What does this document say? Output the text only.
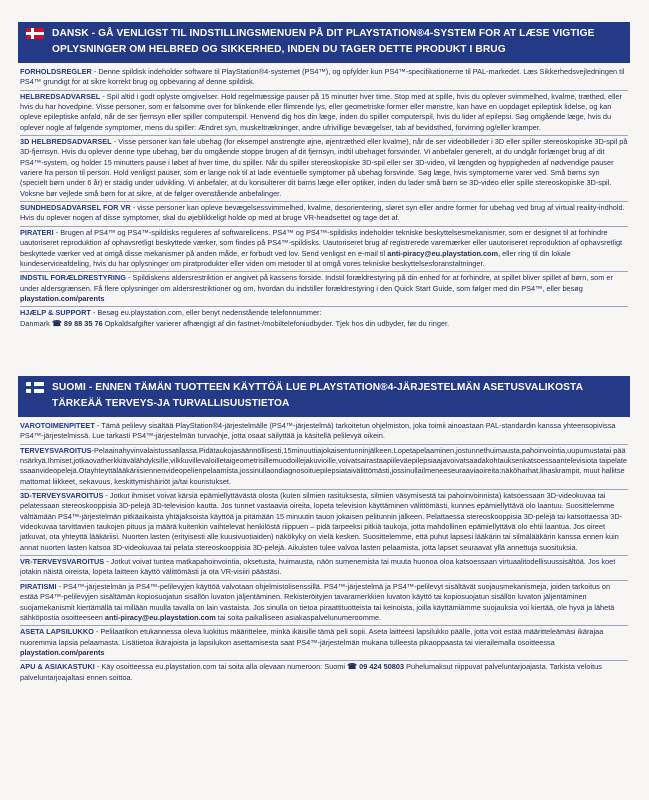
DANSK - GÅ VENLIGST TIL INDSTILLINGSMENUEN PÅ DIT PLAYSTATION®4-SYSTEM FOR AT LÆSE VIGTIGE OPLYSNINGER OM HELBRED OG SIKKERHED, INDEN DU TAGER DETTE PRODUKT I BRUG
FORHOLDSREGLER - Denne spildisk indeholder software til PlayStation®4-systemet (PS4™), og opfylder kun PS4™-specifikationerne til PAL-markedet. Læs Sikkerhedsvejledningen til PS4™ grundigt for at sikre korrekt brug og opbevaring af denne spildisk.
HELBREDSADVARSEL - Spil altid i godt oplyste omgivelser. Hold regelmæssige pauser på 15 minutter hver time. Stop med at spille, hvis du oplever svimmelhed, kvalme, træthed, eller hvis du har hovedpine. Visse personer, som er følsomme over for blinkende eller flimrende lys, eller geometriske former eller mønstre, kan have en uopdaget epileptisk lidelse, og kan opleve epileptiske anfald, når de ser fjernsyn eller spiller computerspil. Henvend dig hos din læge, inden du spiller computerspil, hvis du lider af epilepsi. Søg omgående læge, hvis du oplever nogle af følgende symptomer, mens du spiller: Ændret syn, muskeltrækninger, andre ufrivillige bevægelser, tab af bevidsthed, forvirring og/eller kramper.
3D HELBREDSADVARSEL - Visse personer kan føle ubehag (for eksempel anstrengte øjne, øjentræthed eller kvalme), når de ser videobilleder i 3D eller spiller stereoskopiske 3D-spil på 3D-fjernsyn. Hvis du oplever denne type ubehag, bør du omgående stoppe brugen af dit fjernsyn, indtil ubehaget forsvinder. Vi anbefaler generelt, at du undgår forlænget brug af dit PS4™-system, og holder 15 minutters pause i løbet af hver time, du spiller. Når du spiller stereoskopiske 3D-spil eller ser 3D-video, vil længden og hyppigheden af nødvendige pauser variere fra person til person. Hold venligst pauser, som er lange nok til at lade eventuelle symptomer på ubehag forsvinde. Søg læge, hvis symptomerne varer ved. Små børns syn (specielt børn under 6 år) er stadig under udvikling. Vi anbefaler, at du konsulterer dit barns læge eller optiker, inden du lader små børn se 3D-video eller spille stereoskopiske 3D-spil. Voksne bør vejlede små børn for at sikre, at de følger ovenstående anbefalinger.
SUNDHEDSADVARSEL FOR VR - visse personer kan opleve bevægelsessvimmelhed, kvalme, desorientering, sløret syn eller andre former for ubehag ved brug af virtual reality-indhold. Hvis du oplever nogen af disse symptomer, skal du øjeblikkeligt holde op med at bruge VR-headsettet og tage det af.
PIRATERI - Brugen af PS4™ og PS4™-spildisks reguleres af softwarelicens. PS4™ og PS4™-spildisks indeholder tekniske beskyttelsesmekanismer, som er designet til at forhindre uautoriseret reproduktion af ophavsretligt beskyttede værker, som findes på PS4™-spildisks. Uautoriseret brug af registrerede varemærker eller uautoriseret reproduktion af ophavsretligt beskyttede værker ved at omgå disse mekanismer på anden måde, er forbudt ved lov. Send venligst en e-mail til anti-piracy@eu.playstation.com, eller ring til din lokale kundeserviceafdeling, hvis du har oplysninger om piratprodukter eller viden om metoder til at omgå vores tekniske beskyttelsesforanstaltninger.
INDSTIL FORÆLDRESTYRING - Spildiskens aldersrestriktion er angivet på kassens forside. Indstil forældrestyring på din enhed for at forhindre, at spillet bliver spillet af børn, som er under aldersgrænsen. Få flere oplysninger om aldersrestriktioner og om, hvordan du indstiller forældrestyring i den Quick Start Guide, som følger med din PS4™, eller besøg playstation.com/parents
HJÆLP & SUPPORT - Besøg eu.playstation.com, eller benyt nedenstående telefonnummer:
Danmark ☎ 89 88 35 76 Opkaldsafgifter varierer afhængigt af din fastnet-/mobiltelefoniudbyder. Tjek hos din udbyder, før du ringer.
SUOMI - ENNEN TÄMÄN TUOTTEEN KÄYTTÖÄ LUE PLAYSTATION®4-JÄRJESTELMÄN ASETUSVALIKOSTA TÄRKEÄÄ TERVEYS-JA TURVALLISUUSTIETOA
VAROTOIMENPITEET - Tämä pelilevy sisältää PlayStation®4-järjestelmälle (PS4™-järjestelmä) tarkoitetun ohjelmiston, joka toimii ainoastaan PAL-standardin kanssa yhteensopivissa PS4™-järjestelmissä. Lue tarkasti PS4™-järjestelmän turvaohje, jotta osaat säilyttää ja käsitellä pelilevyä oikein.
TERVEYSVAROITUS-Pelaainahyvinvalaistussatilassa.Pidätaukojasäännöllisesti,15minuuttiajokaisentunninjälkeen.Lopetapelaaminen,jostunnethuimausta,pahoinvointia,uupumustatai päänsärkyä.Ihmiset,jotkaovatherkkiävälähdyksille,vilkkuvillevaloilletaigeometrisillemuodoillejakuvioille,voivatsairastaapiileväepilepsiaajavoivatsaadakohtauksenkatsoessaantelevisiota taipelatessaanvideopelejä.Otayhteyttälääkäriisiennenvideopelienpelaamista,jossinullaondiagnosoituepilepsiataivälittömästi,jossinullailmeneeseuraaviaoireita:näköharhat,lihaskrampit, muut hallitsemattomat liikkeet, sekavuus, keskittymishäiriöt ja/tai kouristukset.
3D-TERVEYSVAROITUS - Jotkut ihmiset voivat kärsiä epämiellyttävästä olosta (kuten silmien rasituksesta, silmien väsymisestä tai pahoinvoinnista) katsoessaan 3D-videokuvaa tai pelatessaan stereoskooppisia 3D-pelejä 3D-television kautta. Jos tunnet vastaavia oireita, lopeta television käyttäminen välittömästi, kunnes epämiellyttävä olo laantuu. Suosittelemme välttämään PS4™-järjestelmän pitkäaikaista yhtäjaksoista käyttöä ja pitämään 15 minuutin tauon jokaisen pelitunnin jälkeen. Pelattaessa stereoskooppisia 3D-pelejä tai katsottaessa 3D-videokuvaa tarvittavien taukojen pituus ja määrä kuitenkin vaihtelevat henkilöstä riippuen – pidä tarpeeksi pitkiä taukoja, jotta mahdollinen epämiellyttävä olo ehtii laantua. Jos oireet jatkuvat, ota yhteyttä lääkäriisi. Nuorten lasten (erityisesti alle kuusivuotiaiden) näkökyky on vielä kesken. Suosittelemme, että puhut lapsesi lääkärin tai silmälääkärin kanssa ennen kuin annat nuorten lasten katsoa 3D-videokuvaa tai pelata stereoskooppisia 3D-pelejä. Aikuisten tulee valvoa lasten pelaamista, jotta lapset seuraavat yllä annettuja suosituksia.
VR-TERVEYSVAROITUS - Jotkut voivat tuntea matkapahoinvointia, oksetusta, huimausta, näön sumenemista tai muuta huonoa oloa katsoessaan virtuaalitodellisuussisältöä. Jos koet jotakin näistä oireista, lopeta laitteen käyttö välittömästi ja ota VR-visiiri päästäsi.
PIRATISMI - PS4™-järjestelmän ja PS4™-pelilevyjen käyttöä valvotaan ohjelmistolisenssillä. PS4™-järjestelmä ja PS4™-pelilevyt sisältävät suojausmekanismeja, joiden tarkoitus on estää PS4™-pelilevyjen sisältämän kopiosuojatun sisällön luvaton jäljentäminen. Rekisteröityjen tavaramerkkien luvaton käyttö tai kopiosuojatun sisällön luvaton jäljentäminen suojamekanismit kiertämällä tai millään muulla tavalla on lain vastaista. Jos sinulla on tietoa piraattituotteista tai keinoista, joilla käyttämiämme suojauksia voi kiertää, ole hyvä ja lähetä sähköpostia osoitteeseen anti-piracy@eu.playstation.com tai soita paikalliseen asiakaspalvelunumeroomme.
ASETA LAPSILUKKO - Pelilaatikon etukannessa oleva luokitus määrittelee, minkä ikäisille tämä peli sopii. Aseta laitteesi lapsilukko päälle, jotta voit estää määritteleämäsi ikärajaa nuoremmia lapsia pelaamasta. Lisätietoa ikärajoista ja lapsilukon asettamisesta saat PS4™-järjestelmän mukana tulleesta pikaoppaasta tai vierailemalla osoitteessa playstation.com/parents
APU & ASIAKASTUKI - Käy osoitteessa eu.playstation.com tai soita alla olevaan numeroon: Suomi ☎ 09 424 50803 Puhelumaksut riippuvat palveluntarjoajasta. Tarkista veloitus palveluntarjoajaltasi ennen soittoa.
